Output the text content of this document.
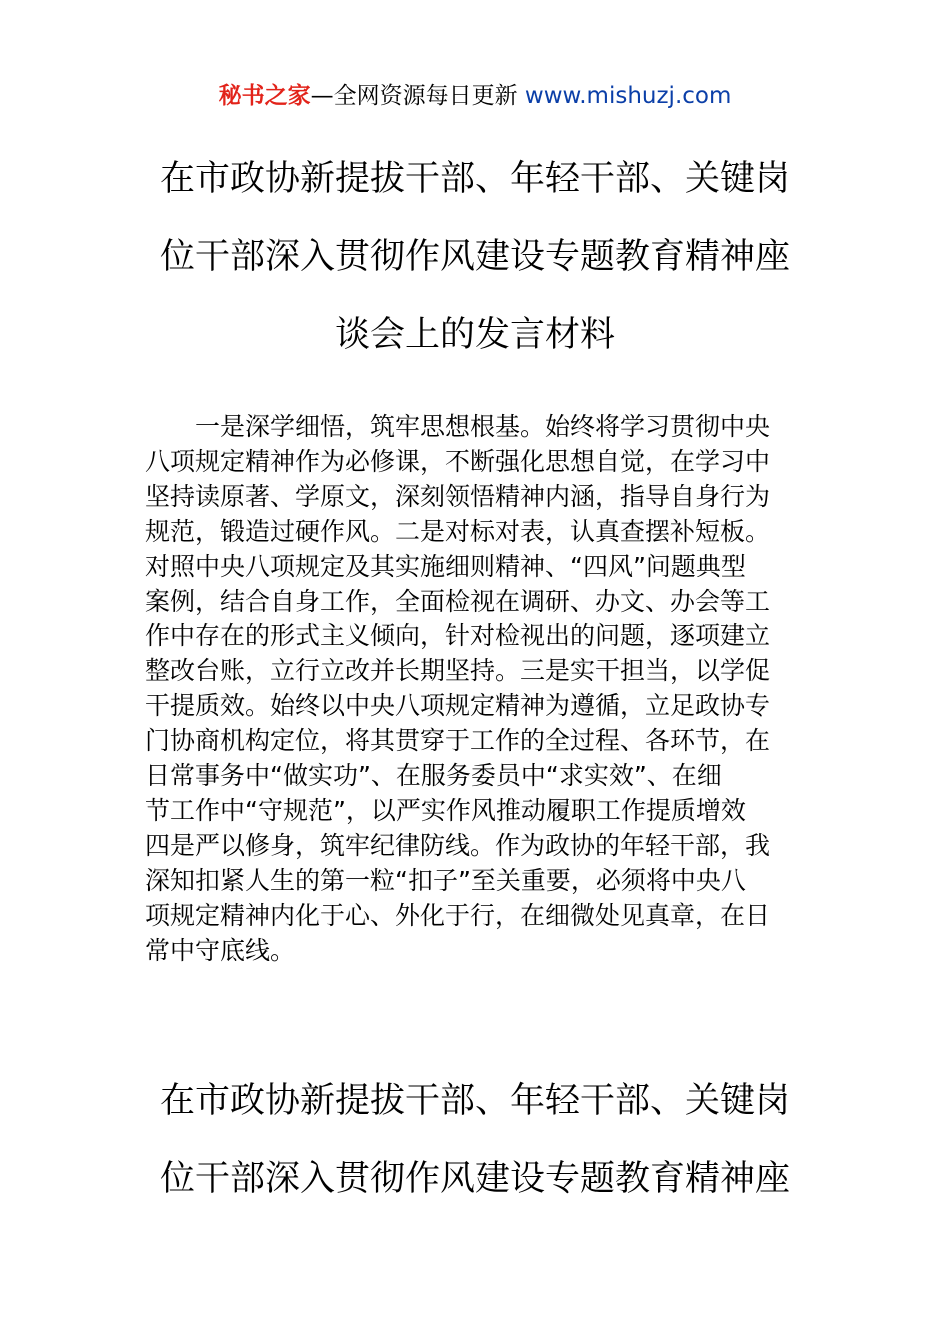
秘书之家—全网资源每日更新 www.mishuzj.com
在市政协新提拔干部、年轻干部、关键岗
位干部深入贯彻作风建设专题教育精神座
谈会上的发言材料
　　一是深学细悟，筑牢思想根基。始终将学习贯彻中央
八项规定精神作为必修课，不断强化思想自觉，在学习中
坚持读原著、学原文，深刻领悟精神内涵，指导自身行为
规范，锻造过硬作风。二是对标对表，认真查摆补短板。
对照中央八项规定及其实施细则精神、“四风”问题典型
案例，结合自身工作，全面检视在调研、办文、办会等工
作中存在的形式主义倾向，针对检视出的问题，逐项建立
整改台账，立行立改并长期坚持。三是实干担当，以学促
干提质效。始终以中央八项规定精神为遵循，立足政协专
门协商机构定位，将其贯穿于工作的全过程、各环节，在
日常事务中“做实功”、在服务委员中“求实效”、在细
节工作中“守规范”，以严实作风推动履职工作提质增效
四是严以修身，筑牢纪律防线。作为政协的年轻干部，我
深知扣紧人生的第一粒“扣子”至关重要，必须将中央八
项规定精神内化于心、外化于行，在细微处见真章，在日
常中守底线。
在市政协新提拔干部、年轻干部、关键岗
位干部深入贯彻作风建设专题教育精神座
